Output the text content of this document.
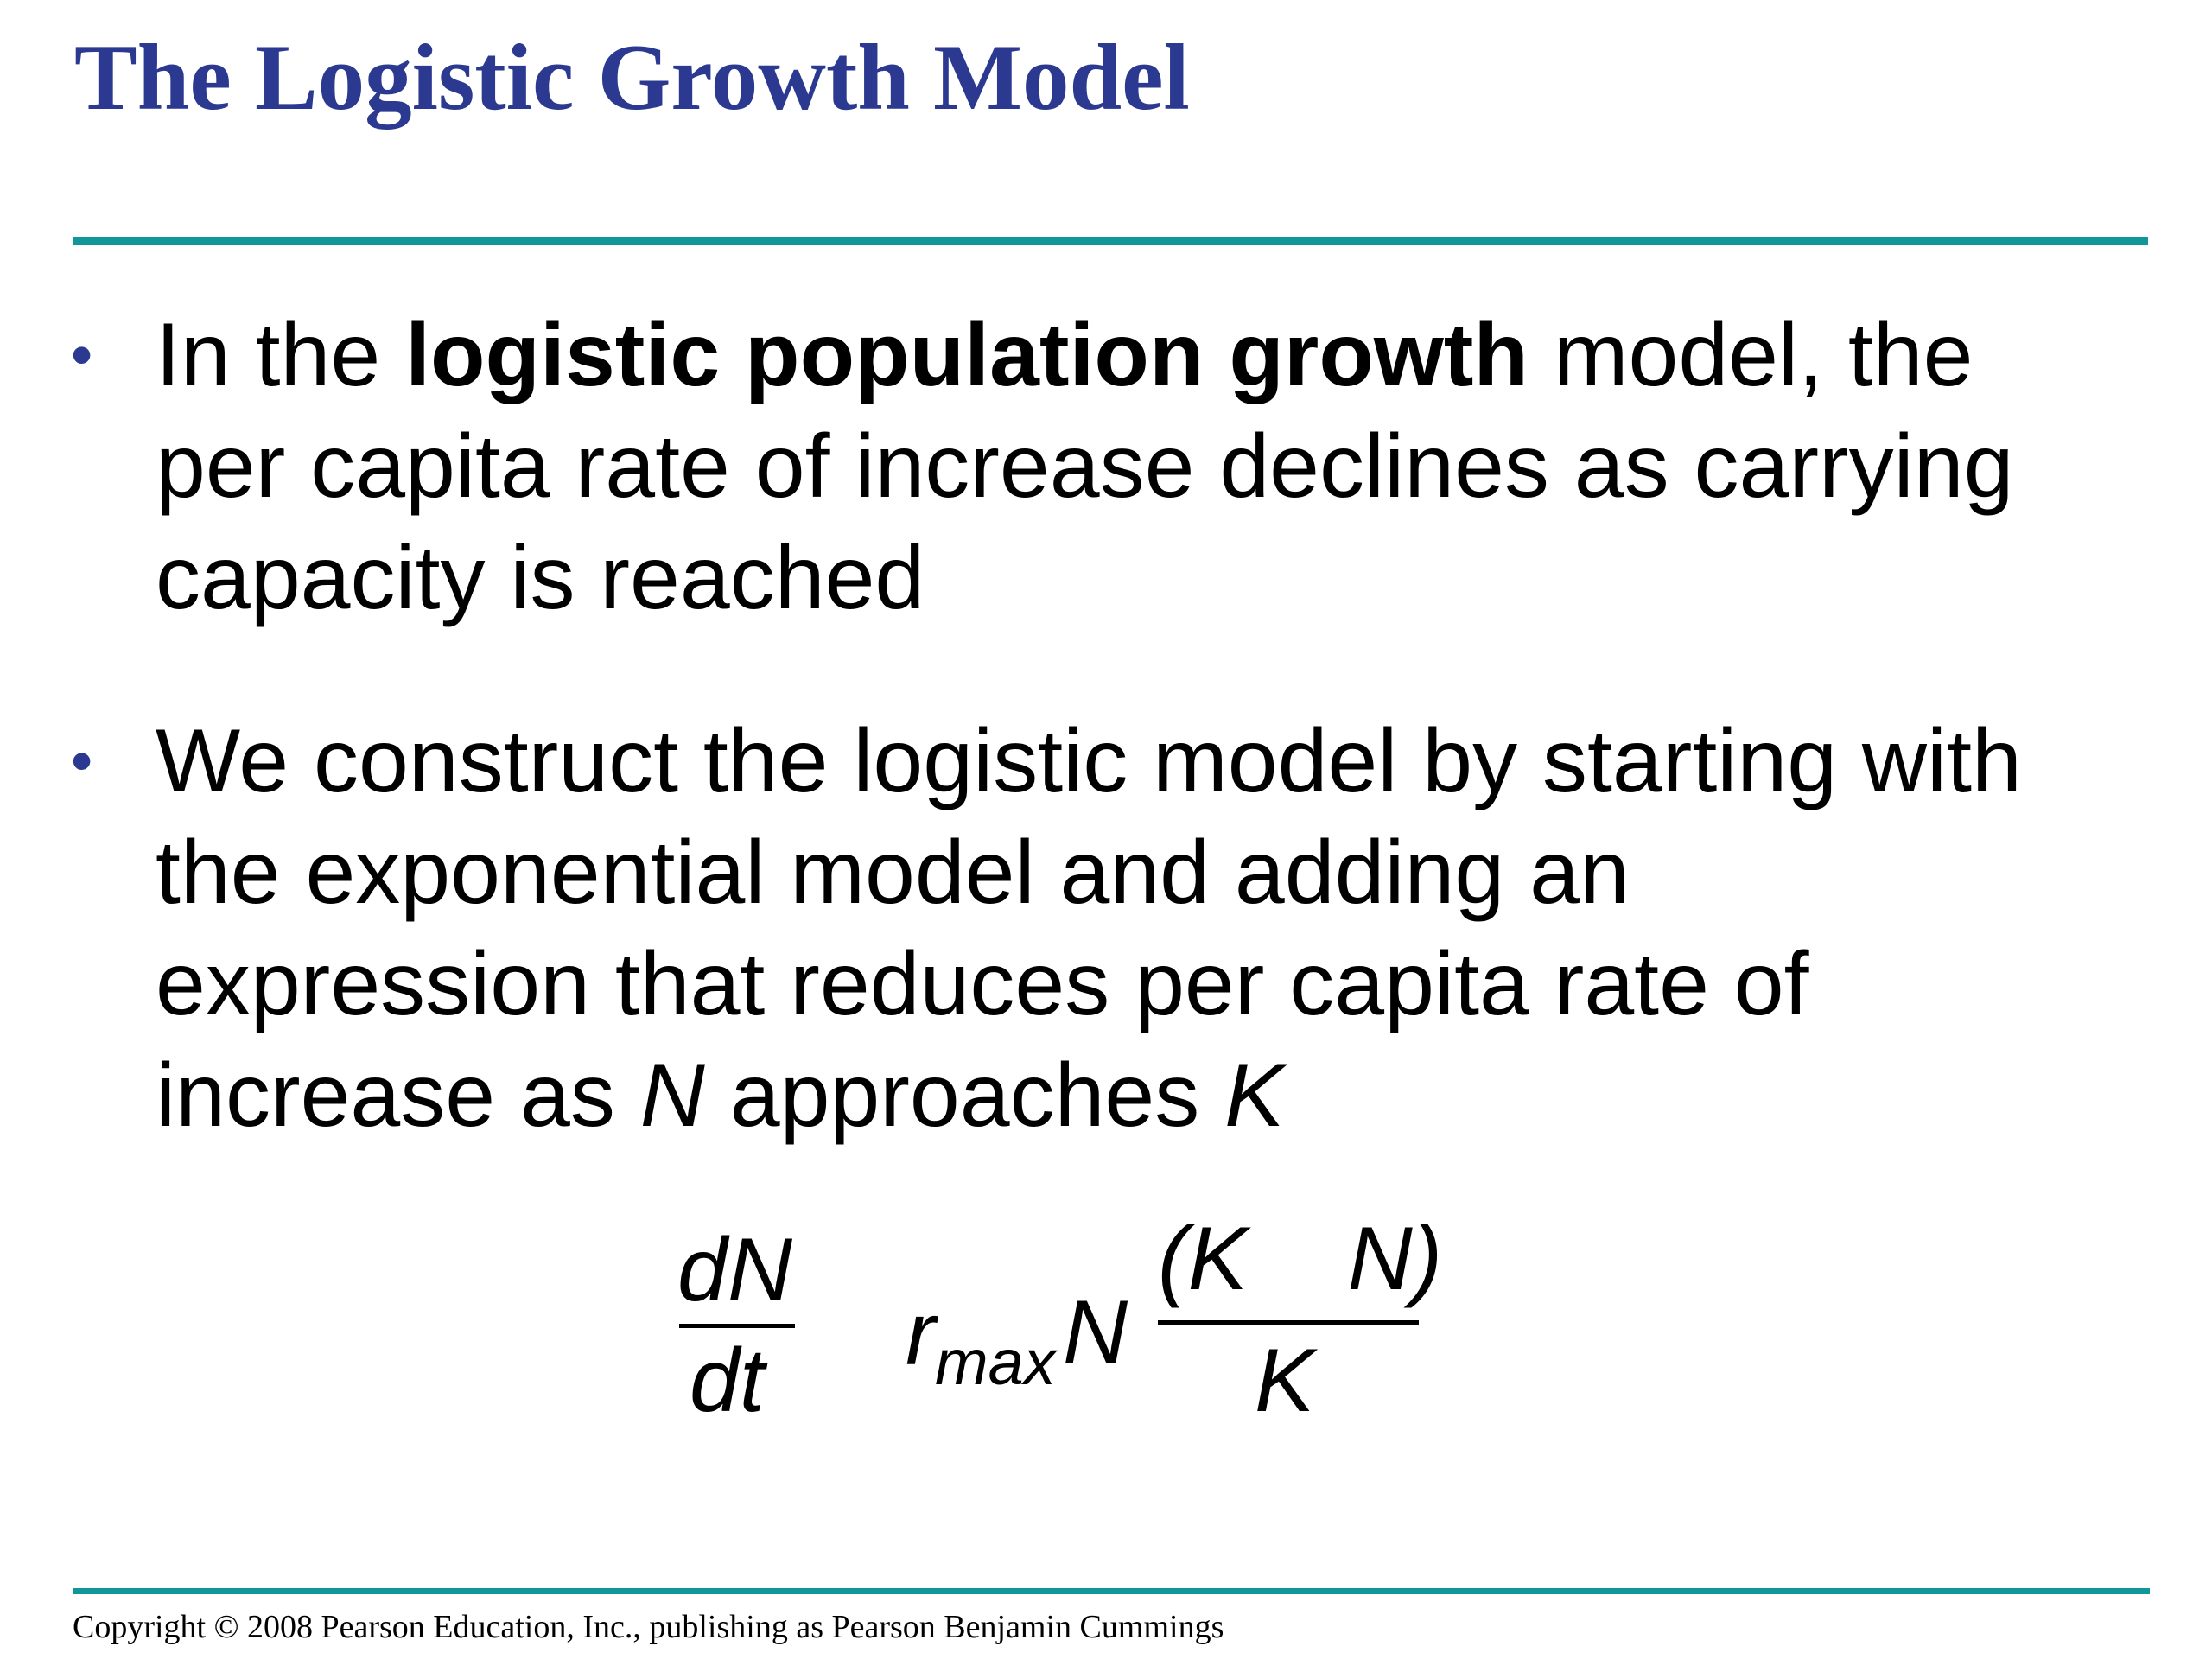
The Logistic Growth Model
• In the logistic population growth model, the
per capita rate of increase declines as carrying
capacity is reached
• We construct the logistic model by starting with
the exponential model and adding an
expression that reduces per capita rate of
increase as N approaches K
dN
dt r max N
(K    N)
K
Copyright © 2008 Pearson Education, Inc., publishing as Pearson Benjamin Cummings
